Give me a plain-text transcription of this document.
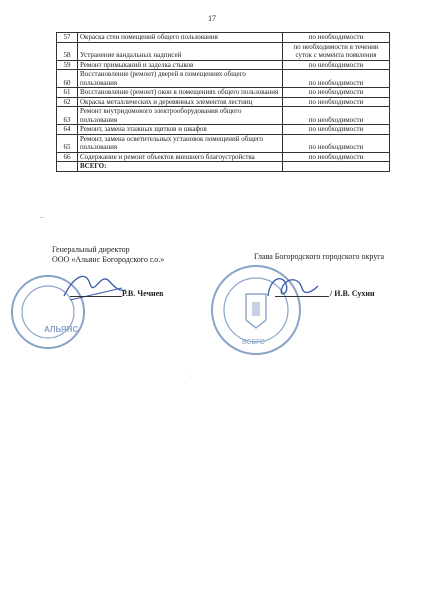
17
57	Окраска стен помещений общего пользования	по необходимости
58	Устранение вандальных надписей	по необходимости в течении суток с момента появления
59	Ремонт примыканий и заделка стыков	по необходимости
60	Восстановление (ремонт) дверей в помещениях общего пользования	по необходимости
61	Восстановление (ремонт) окон в помещениях общего пользования	по необходимости
62	Окраска металлических и деревянных элементов лестниц	по необходимости
63	Ремонт внутридомового электрооборудования общего пользования	по необходимости
64	Ремонт, замена этажных щитков и шкафов	по необходимости
65	Ремонт, замена осветительных установок помещений общего пользования	по необходимости
66	Содержание и ремонт объектов внешнего благоустройства	по необходимости
	ВСЕГО:	
–
АЛЬЯНС
Генеральный директор
ООО «Альянс Богородского г.о.»
Р.В. Чечнев
Глава Богородского городского округа
ВСЕГО
/ И.В. Сухин
·
